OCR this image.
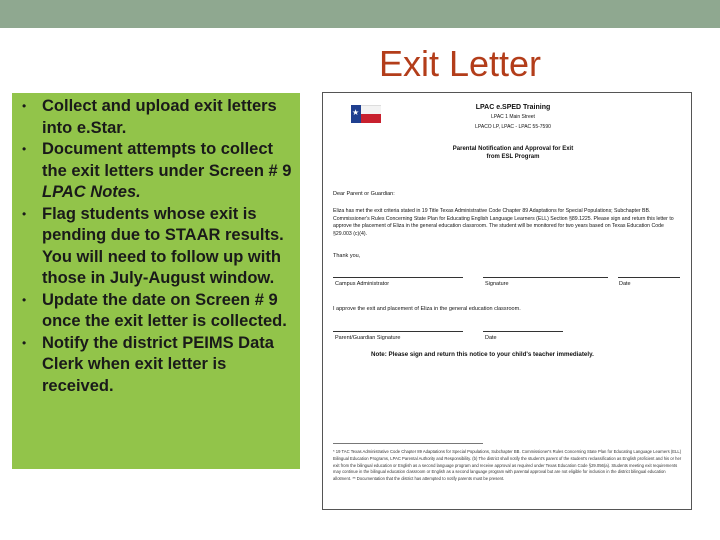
Exit Letter
• Collect and upload exit letters into e.Star.
• Document attempts to collect the exit letters under Screen # 9 LPAC Notes.
• Flag students whose exit is pending due to STAAR results. You will need to follow up with those in July-August window.
• Update the date on Screen # 9 once the exit letter is collected.
• Notify the district PEIMS Data Clerk when exit letter is received.
★
LPAC e.SPED Training
LPAC 1 Main Street
LPACO LP, LPAC - LPAC 55-7590
Parental Notification and Approval for Exit
from ESL Program
Dear Parent or Guardian:
Eliza has met the exit criteria stated in 19 Title Texas Administrative Code Chapter 89 Adaptations for Special Populations; Subchapter BB. Commissioner's Rules Concerning State Plan for Educating English Language Learners (ELL) Section §89.1225. Please sign and return this letter to approve the placement of Eliza in the general education classroom. The student will be monitored for two years based on Texas Education Code §29.003 (c)(4).
Thank you,
Campus Administrator	Signature	Date
I approve the exit and placement of Eliza in the general education classroom.
Parent/Guardian Signature	Date
Note: Please sign and return this notice to your child's teacher immediately.
* 19 TAC Texas Administrative Code Chapter 89 Adaptations for Special Populations, Subchapter BB. Commissioner's Rules Concerning State Plan for Educating Language Learners (ELL) Bilingual Education Programs, LPAC Parental Authority and Responsibility. (b) The district shall notify the student's parent of the student's reclassification as English proficient and his or her exit from the bilingual education or English as a second language program and receive approval as required under Texas Education Code §29.056(a). Students meeting exit requirements may continue in the bilingual education classroom or English as a second language program with parental approval but are not eligible for inclusion in the district bilingual education allotment. ** Documentation that the district has attempted to notify parents must be present.
